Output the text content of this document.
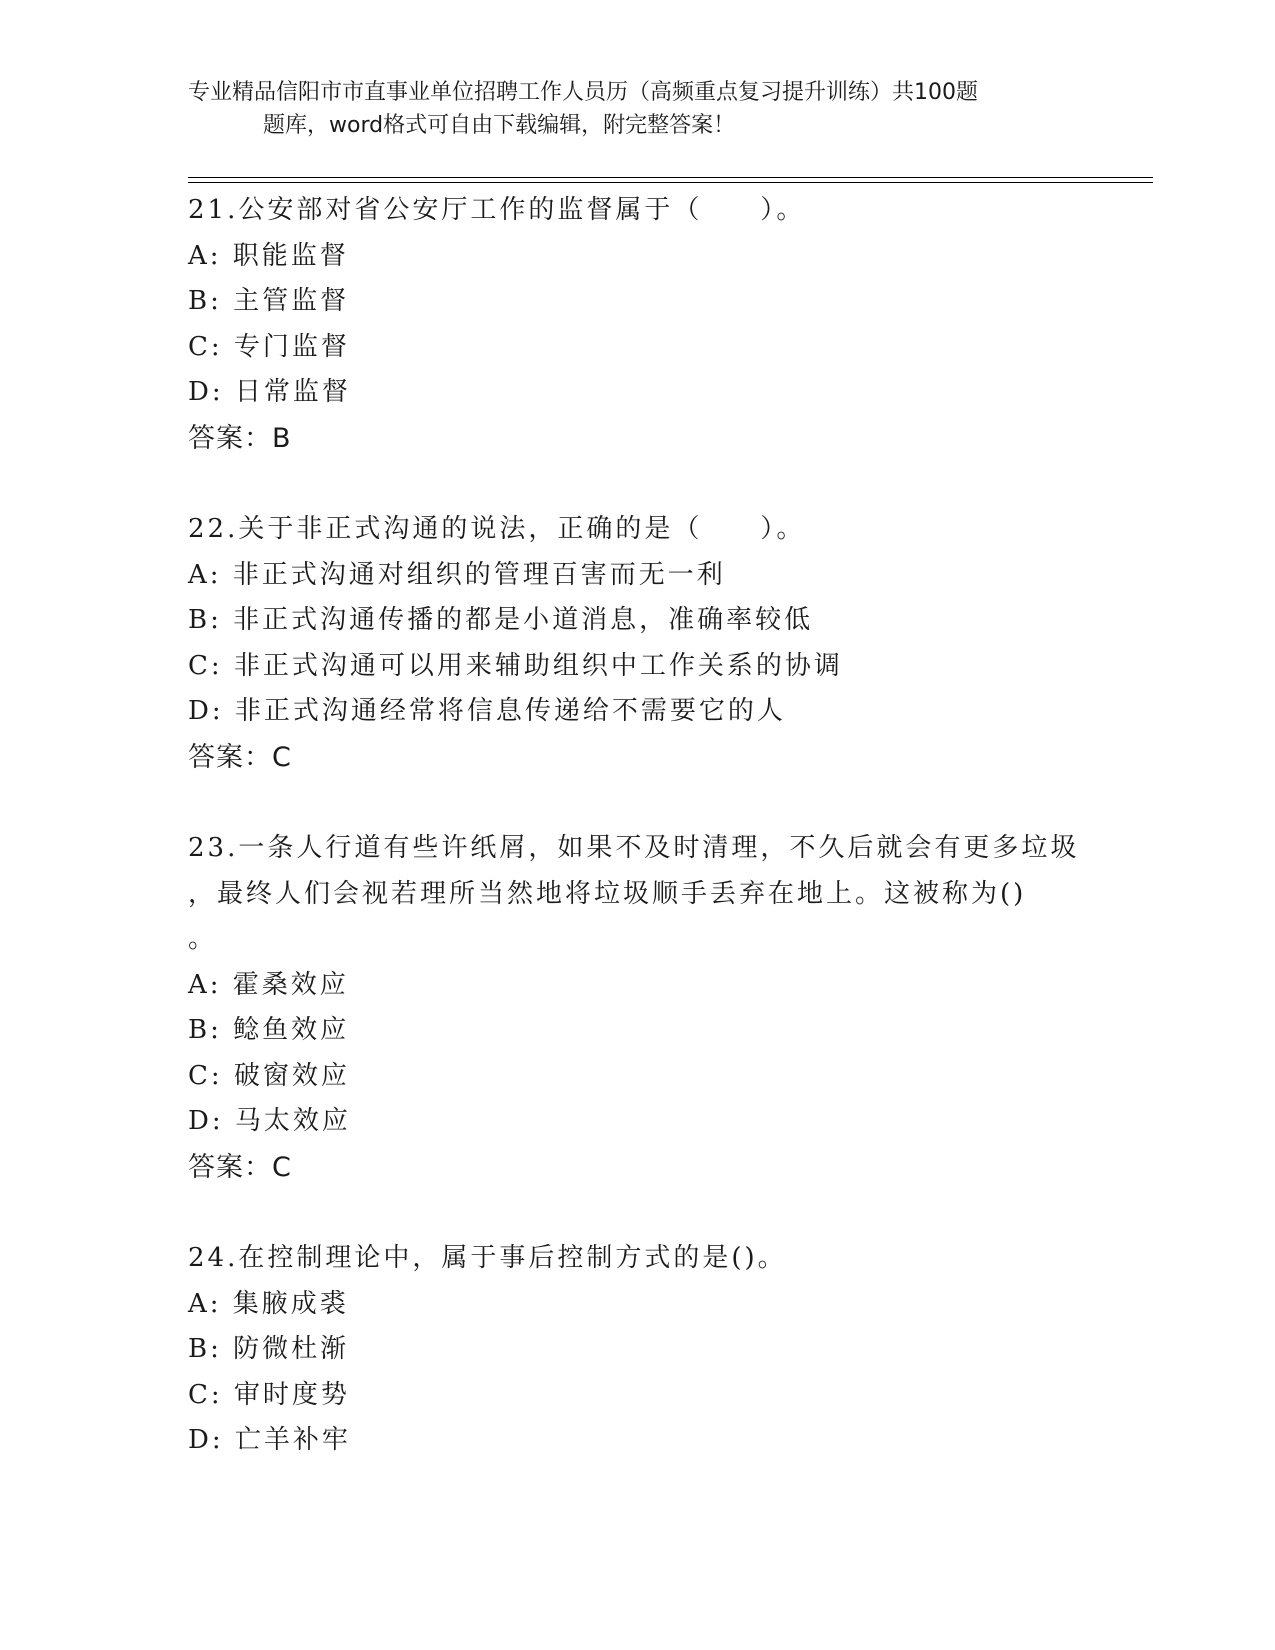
专业精品信阳市市直事业单位招聘工作人员历（高频重点复习提升训练）共100题
题库，word格式可自由下载编辑，附完整答案！
21.公安部对省公安厅工作的监督属于（　　）。
A: 职能监督
B: 主管监督
C: 专门监督
D: 日常监督
答案：B
22.关于非正式沟通的说法，正确的是（　　）。
A: 非正式沟通对组织的管理百害而无一利
B: 非正式沟通传播的都是小道消息，准确率较低
C: 非正式沟通可以用来辅助组织中工作关系的协调
D: 非正式沟通经常将信息传递给不需要它的人
答案：C
23.一条人行道有些许纸屑，如果不及时清理，不久后就会有更多垃圾
，最终人们会视若理所当然地将垃圾顺手丢弃在地上。这被称为()
。
A: 霍桑效应
B: 鲶鱼效应
C: 破窗效应
D: 马太效应
答案：C
24.在控制理论中，属于事后控制方式的是()。
A: 集腋成裘
B: 防微杜渐
C: 审时度势
D: 亡羊补牢
